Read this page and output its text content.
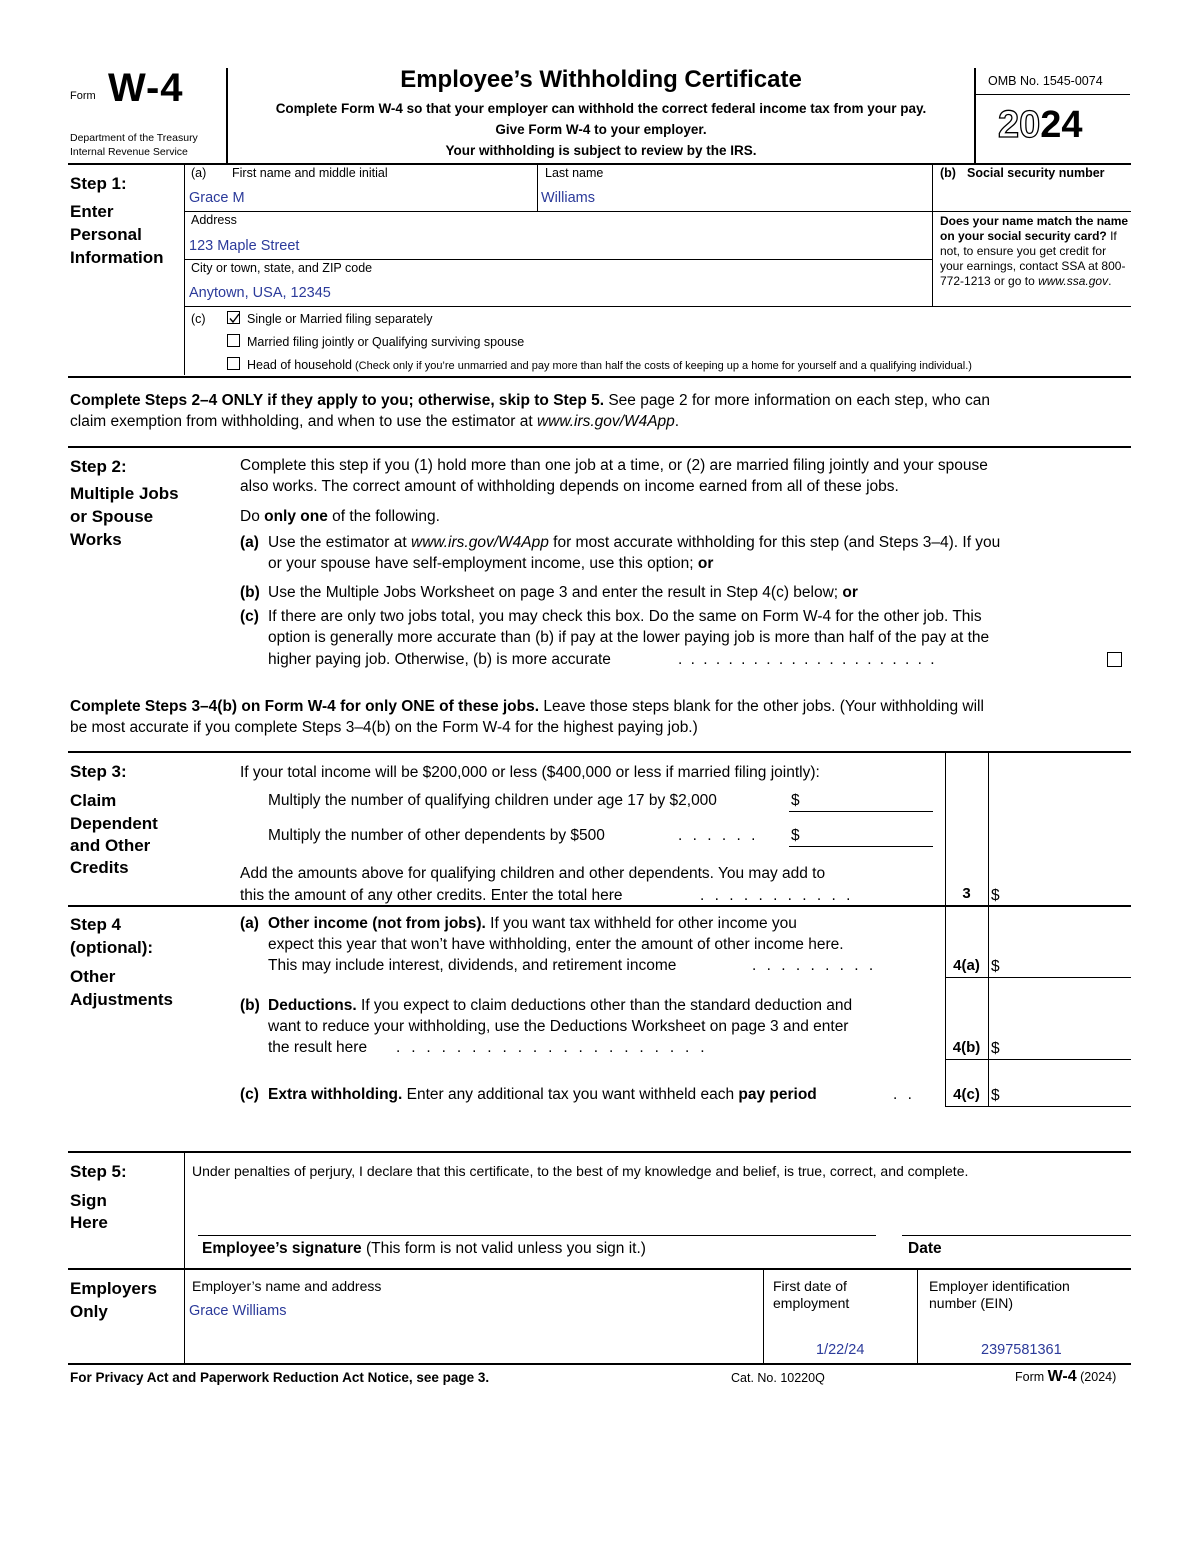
Form W-4
Department of the Treasury
Internal Revenue Service
Employee’s Withholding Certificate
Complete Form W-4 so that your employer can withhold the correct federal income tax from your pay.
Give Form W-4 to your employer.
Your withholding is subject to review by the IRS.
OMB No. 1545-0074
2024
Step 1:
Enter
Personal
Information
(a) First name and middle initial
Grace M
Last name
Williams
(b) Social security number
Address
123 Maple Street
City or town, state, and ZIP code
Anytown, USA, 12345
Does your name match the name on your social security card? If not, to ensure you get credit for your earnings, contact SSA at 800-772-1213 or go to www.ssa.gov.
(c)	Single or Married filing separately
Married filing jointly or Qualifying surviving spouse
Head of household (Check only if you’re unmarried and pay more than half the costs of keeping up a home for yourself and a qualifying individual.)
Complete Steps 2–4 ONLY if they apply to you; otherwise, skip to Step 5. See page 2 for more information on each step, who can
claim exemption from withholding, and when to use the estimator at www.irs.gov/W4App.
Step 2:
Multiple Jobs
or Spouse
Works
Complete this step if you (1) hold more than one job at a time, or (2) are married filing jointly and your spouse
also works. The correct amount of withholding depends on income earned from all of these jobs.
Do only one of the following.
(a) Use the estimator at www.irs.gov/W4App for most accurate withholding for this step (and Steps 3–4). If you
or your spouse have self-employment income, use this option; or
(b) Use the Multiple Jobs Worksheet on page 3 and enter the result in Step 4(c) below; or
(c) If there are only two jobs total, you may check this box. Do the same on Form W-4 for the other job. This
option is generally more accurate than (b) if pay at the lower paying job is more than half of the pay at the
higher paying job. Otherwise, (b) is more accurate	. . . . . . . . . . . . . . . . . . . . .
Complete Steps 3–4(b) on Form W-4 for only ONE of these jobs. Leave those steps blank for the other jobs. (Your withholding will
be most accurate if you complete Steps 3–4(b) on the Form W-4 for the highest paying job.)
Step 3:
Claim
Dependent
and Other
Credits
If your total income will be $200,000 or less ($400,000 or less if married filing jointly):
Multiply the number of qualifying children under age 17 by $2,000	$
Multiply the number of other dependents by $500	. . . . . . $
Add the amounts above for qualifying children and other dependents. You may add to
this the amount of any other credits. Enter the total here	. . . . . . . . . . .	3	$
Step 4
(optional):
Other
Adjustments
(a) Other income (not from jobs). If you want tax withheld for other income you
expect this year that won’t have withholding, enter the amount of other income here.
This may include interest, dividends, and retirement income	. . . . . . . . .	4(a) $
(b) Deductions. If you expect to claim deductions other than the standard deduction and
want to reduce your withholding, use the Deductions Worksheet on page 3 and enter
the result here . . . . . . . . . . . . . . . . . . . . .	4(b) $
(c) Extra withholding. Enter any additional tax you want withheld each pay period	. .	4(c) $
Step 5:
Sign
Here
Under penalties of perjury, I declare that this certificate, to the best of my knowledge and belief, is true, correct, and complete.
Employee’s signature (This form is not valid unless you sign it.)	Date
Employers
Only
Employer’s name and address
Grace Williams
First date of
employment
1/22/24
Employer identification
number (EIN)
2397581361
For Privacy Act and Paperwork Reduction Act Notice, see page 3.	Cat. No. 10220Q	Form W-4 (2024)
